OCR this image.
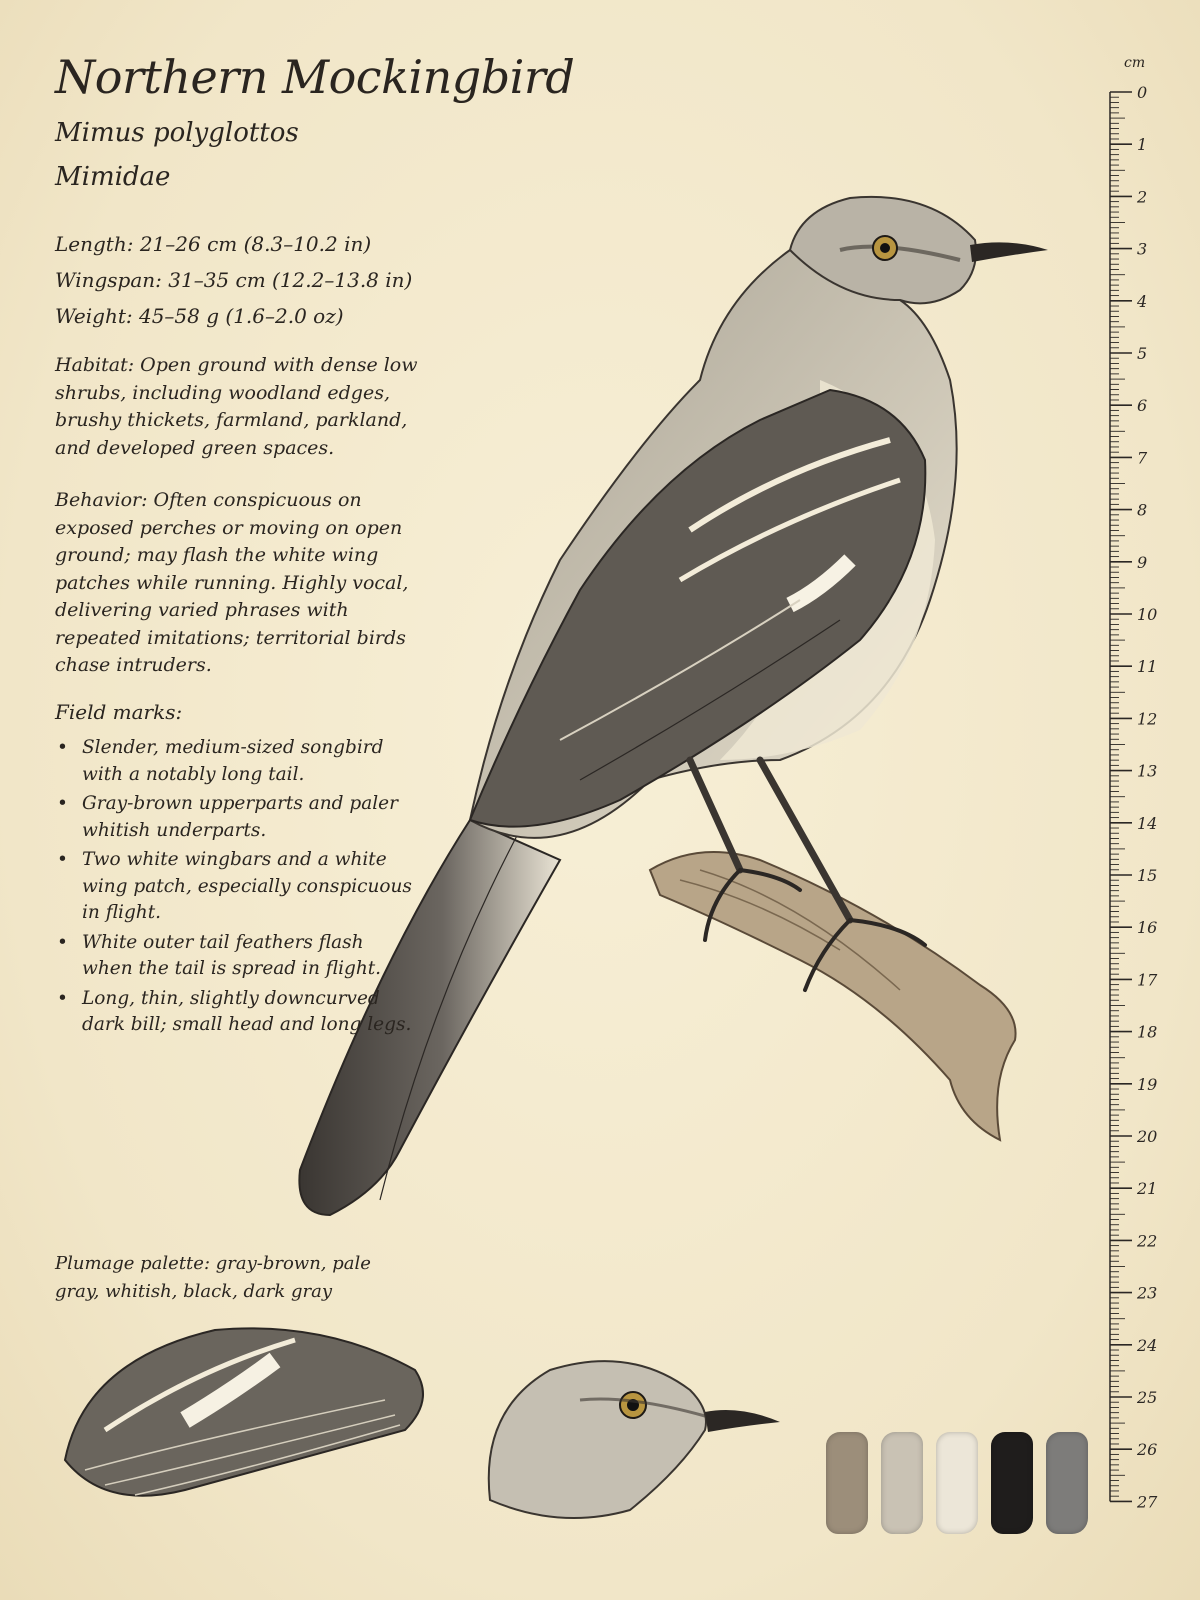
Northern Mockingbird
Mimus polyglottos
Mimidae
Length: 21–26 cm (8.3–10.2 in)
Wingspan: 31–35 cm (12.2–13.8 in)
Weight: 45–58 g (1.6–2.0 oz)
Habitat: Open ground with dense low shrubs, including woodland edges, brushy thickets, farmland, parkland, and developed green spaces.
Behavior: Often conspicuous on exposed perches or moving on open ground; may flash the white wing patches while running. Highly vocal, delivering varied phrases with repeated imitations; territorial birds chase intruders.
Field marks:
• Slender, medium-sized songbird with a notably long tail.
• Gray-brown upperparts and paler whitish underparts.
• Two white wingbars and a white wing patch, especially conspicuous in flight.
• White outer tail feathers flash when the tail is spread in flight.
• Long, thin, slightly downcurved dark bill; small head and long legs.
Plumage palette: gray-brown, pale gray, whitish, black, dark gray
cm
0
1
2
3
4
5
6
7
8
9
10
11
12
13
14
15
16
17
18
19
20
21
22
23
24
25
26
27
